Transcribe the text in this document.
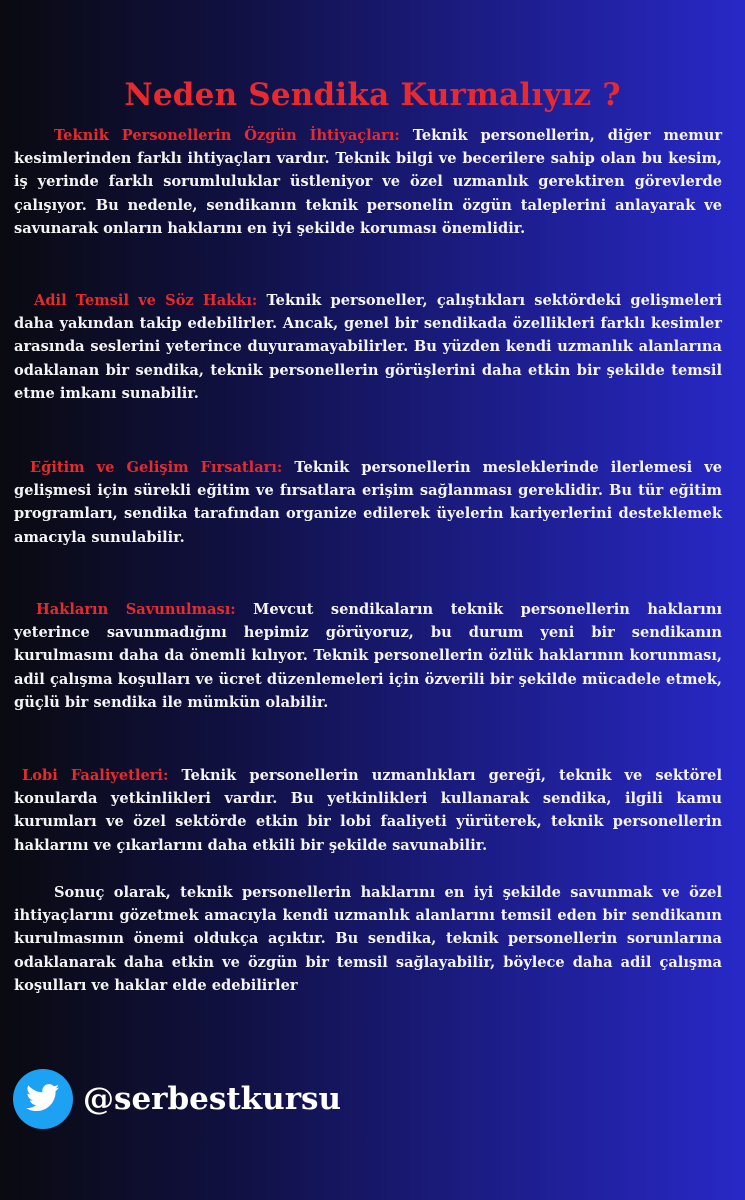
Neden Sendika Kurmalıyız ?

Teknik Personellerin Özgün İhtiyaçları: Teknik personellerin, diğer memur kesimlerinden farklı ihtiyaçları vardır. Teknik bilgi ve becerilere sahip olan bu kesim, iş yerinde farklı sorumluluklar üstleniyor ve özel uzmanlık gerektiren görevlerde çalışıyor. Bu nedenle, sendikanın teknik personelin özgün taleplerini anlayarak ve savunarak onların haklarını en iyi şekilde koruması önemlidir.

Adil Temsil ve Söz Hakkı: Teknik personeller, çalıştıkları sektördeki gelişmeleri daha yakından takip edebilirler. Ancak, genel bir sendikada özellikleri farklı kesimler arasında seslerini yeterince duyuramayabilirler. Bu yüzden kendi uzmanlık alanlarına odaklanan bir sendika, teknik personellerin görüşlerini daha etkin bir şekilde temsil etme imkanı sunabilir.

Eğitim ve Gelişim Fırsatları: Teknik personellerin mesleklerinde ilerlemesi ve gelişmesi için sürekli eğitim ve fırsatlara erişim sağlanması gereklidir. Bu tür eğitim programları, sendika tarafından organize edilerek üyelerin kariyerlerini desteklemek amacıyla sunulabilir.

Hakların Savunulması: Mevcut sendikaların teknik personellerin haklarını yeterince savunmadığını hepimiz görüyoruz, bu durum yeni bir sendikanın kurulmasını daha da önemli kılıyor. Teknik personellerin özlük haklarının korunması, adil çalışma koşulları ve ücret düzenlemeleri için özverili bir şekilde mücadele etmek, güçlü bir sendika ile mümkün olabilir.

Lobi Faaliyetleri: Teknik personellerin uzmanlıkları gereği, teknik ve sektörel konularda yetkinlikleri vardır. Bu yetkinlikleri kullanarak sendika, ilgili kamu kurumları ve özel sektörde etkin bir lobi faaliyeti yürüterek, teknik personellerin haklarını ve çıkarlarını daha etkili bir şekilde savunabilir.

Sonuç olarak, teknik personellerin haklarını en iyi şekilde savunmak ve özel ihtiyaçlarını gözetmek amacıyla kendi uzmanlık alanlarını temsil eden bir sendikanın kurulmasının önemi oldukça açıktır. Bu sendika, teknik personellerin sorunlarına odaklanarak daha etkin ve özgün bir temsil sağlayabilir, böylece daha adil çalışma koşulları ve haklar elde edebilirler

@serbestkursu
